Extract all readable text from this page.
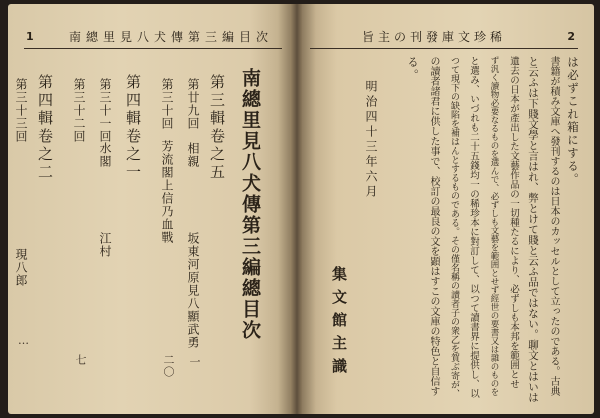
1	南總里見八犬傳第三編目次
南總里見八犬傳第三編總目次
第三輯卷之五
第廿九回
相親
坂東河原見八顯武勇
一
第三十回
芳流閣上信乃血戰
二〇
第四輯卷之一
第三十一回
水閣
江村
第三十二回
七
第四輯卷之二
第三十三回
現八郎
…
旨主の刊發庫文珍稀	2
は必ずこれ箱にする。
書籍が積み文庫へ發刊するのは日本のカッセルとして立ったのである。古典
と云ふは下賤文學と言はれ、弊とけて賤と云ふ品ではない。聊文とはいは
遺去の日本が產出した文藝作品の一切種たるにより、必ずしも本邦を範囲とせ
ず汎く讀物必要なるものを選んで、必ずしも文藝を範囲とせず經世の要書又は雜のものを
と選み、いづれも二十五錢均一の稀珍本に對訂して、以つて讀書界に提供し、以
つて現下の缺陷を補はんとするものである。その僅名稱の讀者子の衆乙を賀ぶ寄が、
の讀者諸君に供した事で、校訂の最良の文を顕はすこの文庫の特色と自信す
る。
明治四十三年六月
集文館主識
